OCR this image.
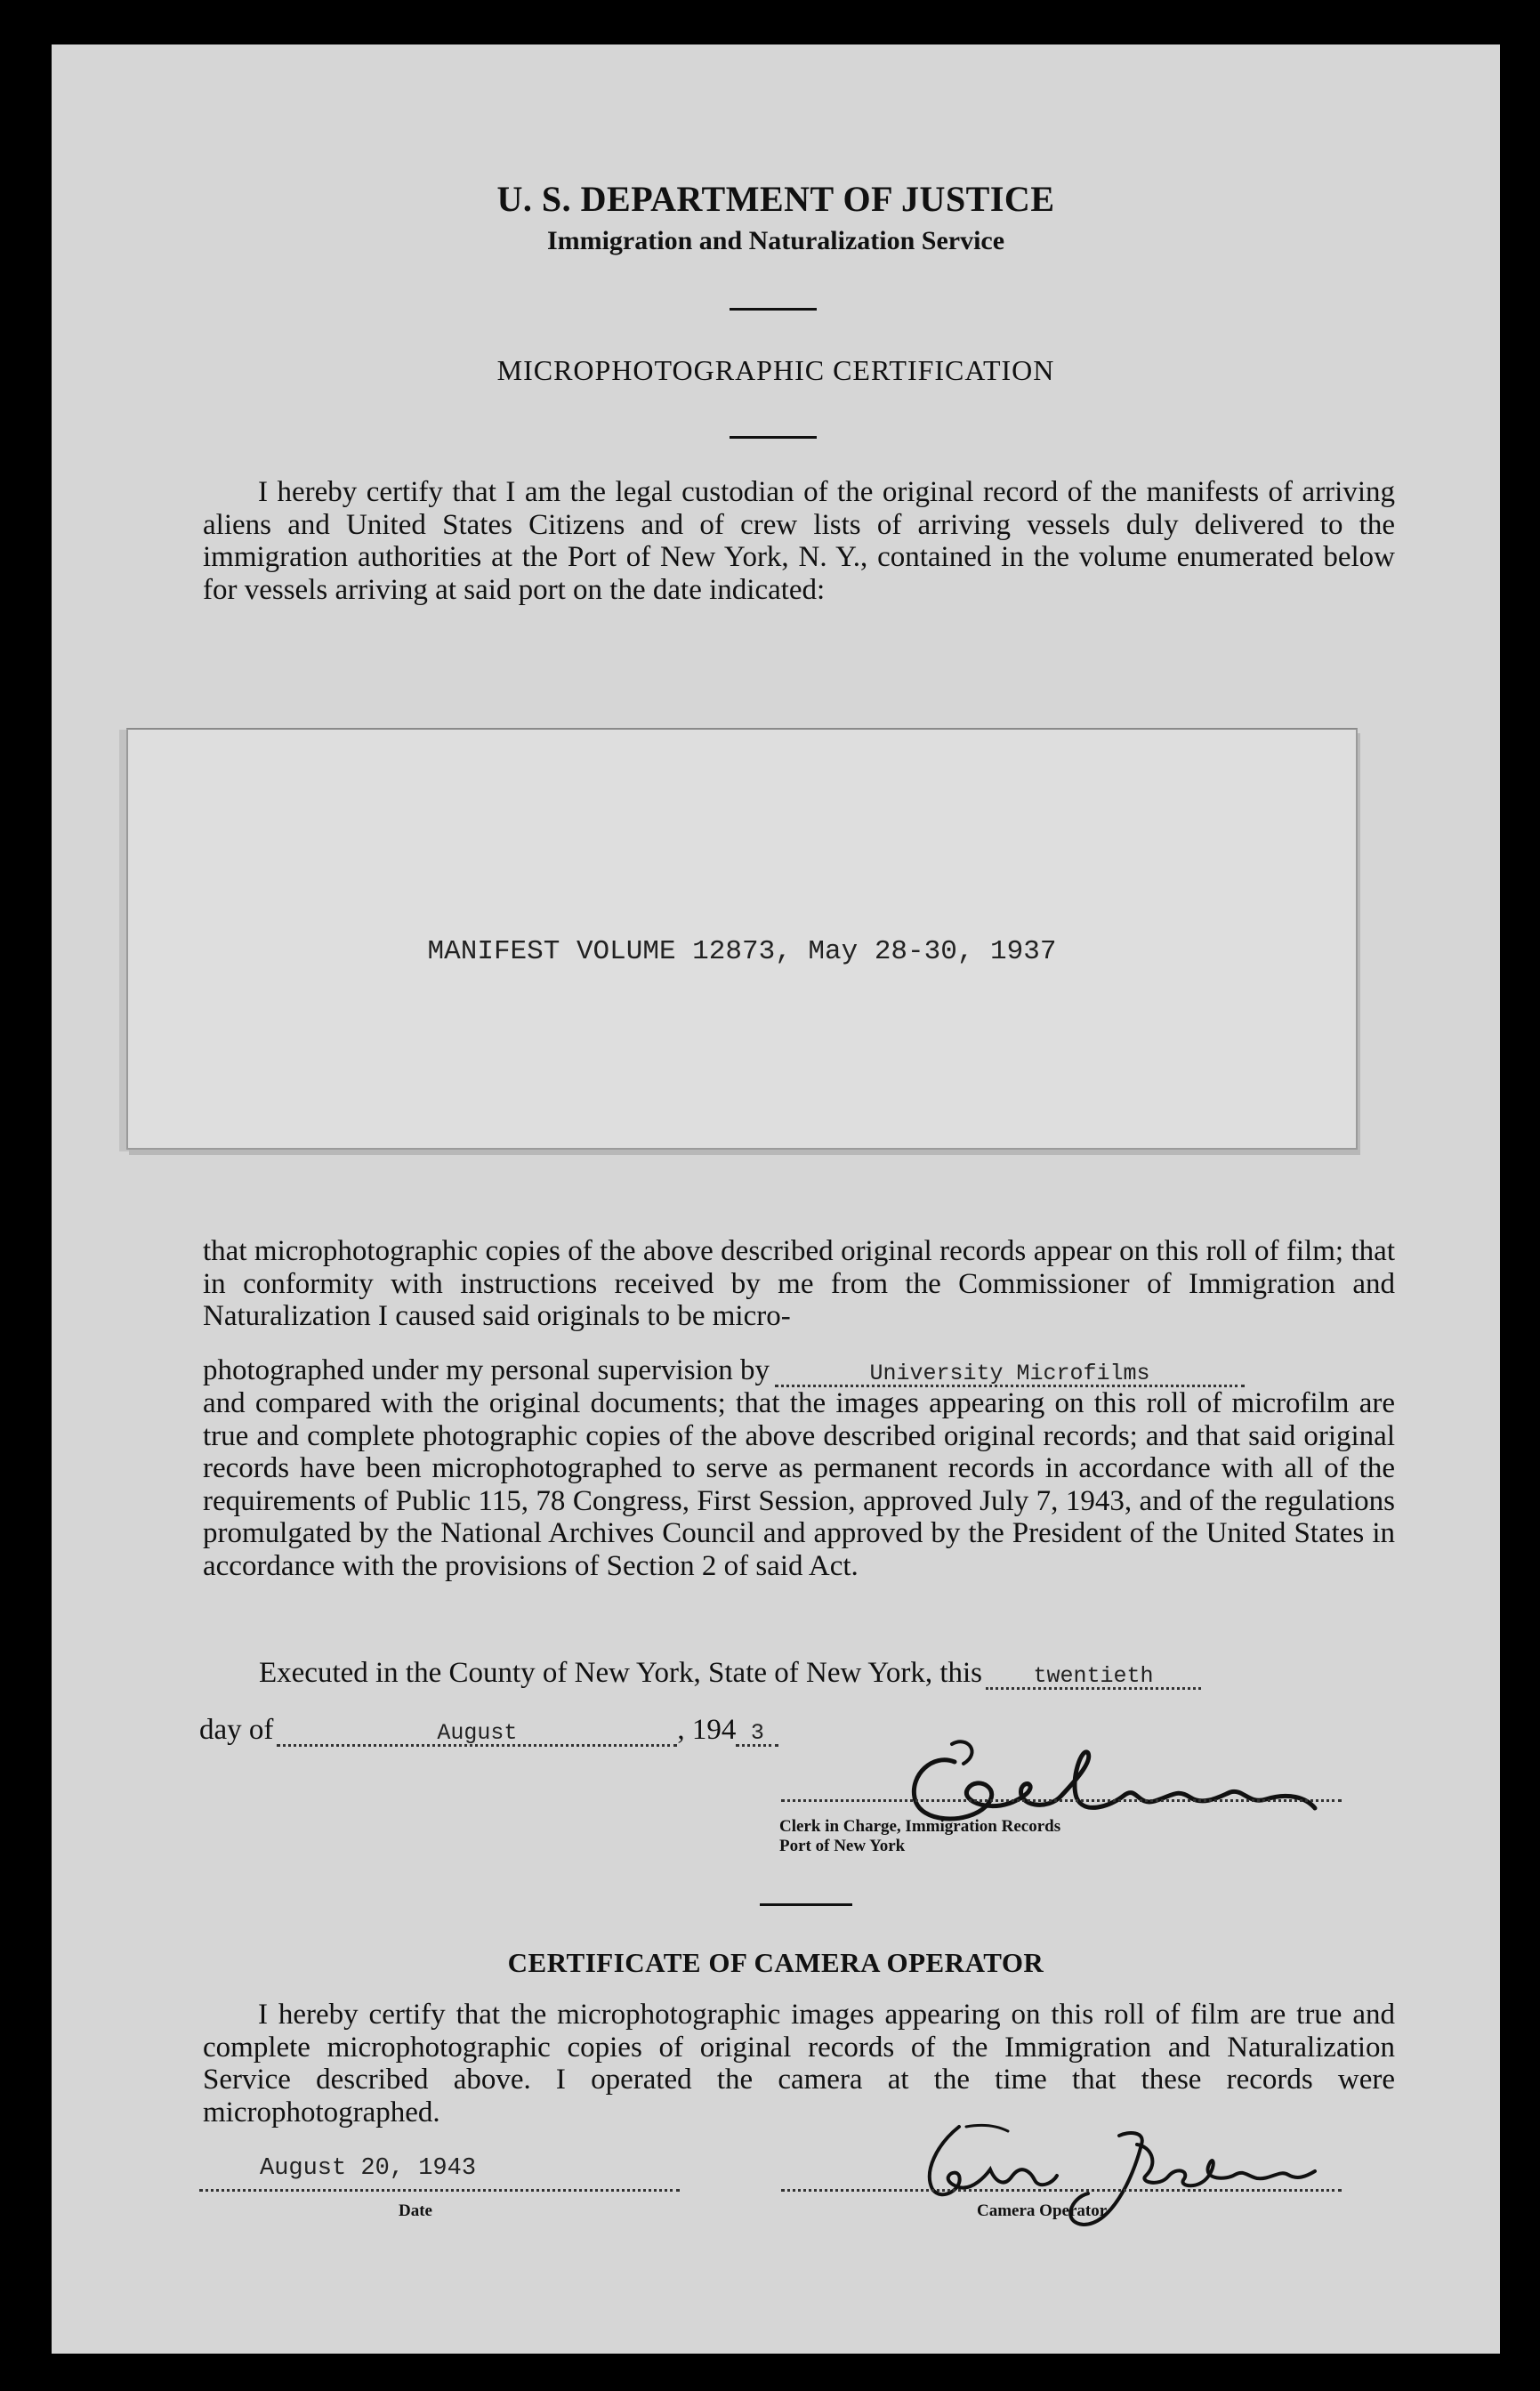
U. S. DEPARTMENT OF JUSTICE
Immigration and Naturalization Service
MICROPHOTOGRAPHIC CERTIFICATION
I hereby certify that I am the legal custodian of the original record of the manifests of arriving aliens and United States Citizens and of crew lists of arriving vessels duly delivered to the immigration authorities at the Port of New York, N. Y., contained in the volume enumerated below for vessels arriving at said port on the date indicated:
MANIFEST VOLUME 12873, May 28-30, 1937
that microphotographic copies of the above described original records appear on this roll of film; that in conformity with instructions received by me from the Commissioner of Immigration and Naturalization I caused said originals to be micro-
photographed under my personal supervision by	University Microfilms
and compared with the original documents; that the images appearing on this roll of microfilm are true and complete photographic copies of the above described original records; and that said original records have been microphotographed to serve as permanent records in accordance with all of the requirements of Public 115, 78 Congress, First Session, approved July 7, 1943, and of the regulations promulgated by the National Archives Council and approved by the President of the United States in accordance with the provisions of Section 2 of said Act.
Executed in the County of New York, State of New York, this twentieth
day of	August	, 194 3
Clerk in Charge, Immigration Records
Port of New York
CERTIFICATE OF CAMERA OPERATOR
I hereby certify that the microphotographic images appearing on this roll of film are true and complete microphotographic copies of original records of the Immigration and Naturalization Service described above. I operated the camera at the time that these records were microphotographed.
August 20, 1943
Date	Camera Operator
